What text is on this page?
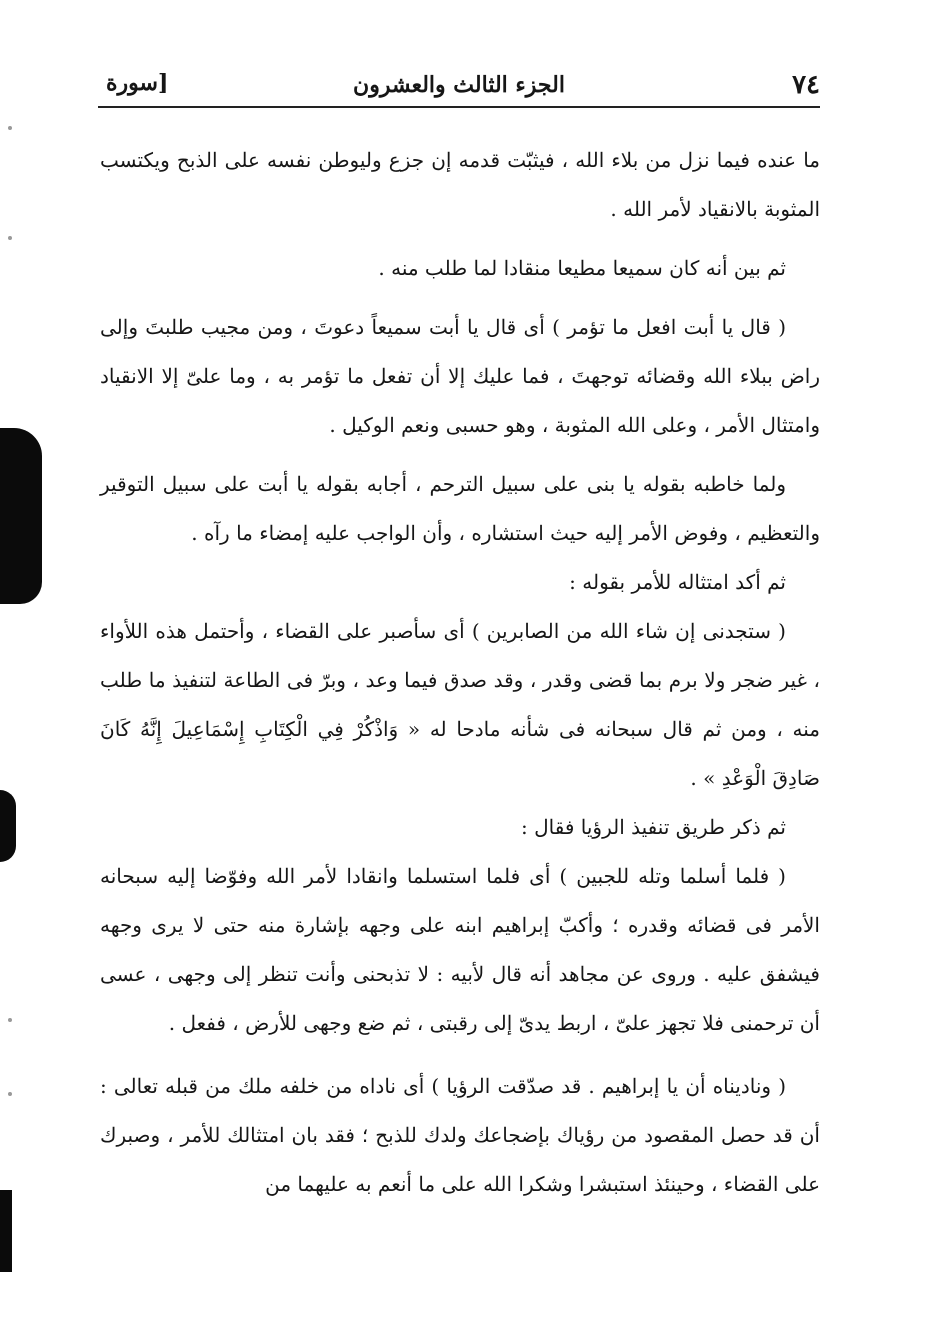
٧٤
الجزء الثالث والعشرون
[سورة

ما عنده فيما نزل من بلاء الله ، فيثبّت قدمه إن جزع وليوطن نفسه على الذبح ويكتسب المثوبة بالانقياد لأمر الله .

ثم بين أنه كان سميعا مطيعا منقادا لما طلب منه .

( قال يا أبت افعل ما تؤمر ) أى قال يا أبت سميعاً دعوتَ ، ومن مجيب طلبتَ وإلى راض ببلاء الله وقضائه توجهتَ ، فما عليك إلا أن تفعل ما تؤمر به ، وما علىّ إلا الانقياد وامتثال الأمر ، وعلى الله المثوبة ، وهو حسبى ونعم الوكيل .

ولما خاطبه بقوله يا بنى على سبيل الترحم ، أجابه بقوله يا أبت على سبيل التوقير والتعظيم ، وفوض الأمر إليه حيث استشاره ، وأن الواجب عليه إمضاء ما رآه .

ثم أكد امتثاله للأمر بقوله :

( ستجدنى إن شاء الله من الصابرين ) أى سأصبر على القضاء ، وأحتمل هذه اللأواء ، غير ضجر ولا برم بما قضى وقدر ، وقد صدق فيما وعد ، وبرّ فى الطاعة لتنفيذ ما طلب منه ، ومن ثم قال سبحانه فى شأنه مادحا له « وَاذْكُرْ فِي الْكِتَابِ إِسْمَاعِيلَ إِنَّهُ كَانَ صَادِقَ الْوَعْدِ » .

ثم ذكر طريق تنفيذ الرؤيا فقال :

( فلما أسلما وتله للجبين ) أى فلما استسلما وانقادا لأمر الله وفوّضا إليه سبحانه الأمر فى قضائه وقدره ؛ وأكبّ إبراهيم ابنه على وجهه بإشارة منه حتى لا يرى وجهه فيشفق عليه . وروى عن مجاهد أنه قال لأبيه : لا تذبحنى وأنت تنظر إلى وجهى ، عسى أن ترحمنى فلا تجهز علىّ ، اربط يدىّ إلى رقبتى ، ثم ضع وجهى للأرض ، ففعل .

( وناديناه أن يا إبراهيم . قد صدّقت الرؤيا ) أى ناداه من خلفه ملك من قبله تعالى : أن قد حصل المقصود من رؤياك بإضجاعك ولدك للذبح ؛ فقد بان امتثالك للأمر ، وصبرك على القضاء ، وحينئذ استبشرا وشكرا الله على ما أنعم به عليهما من
